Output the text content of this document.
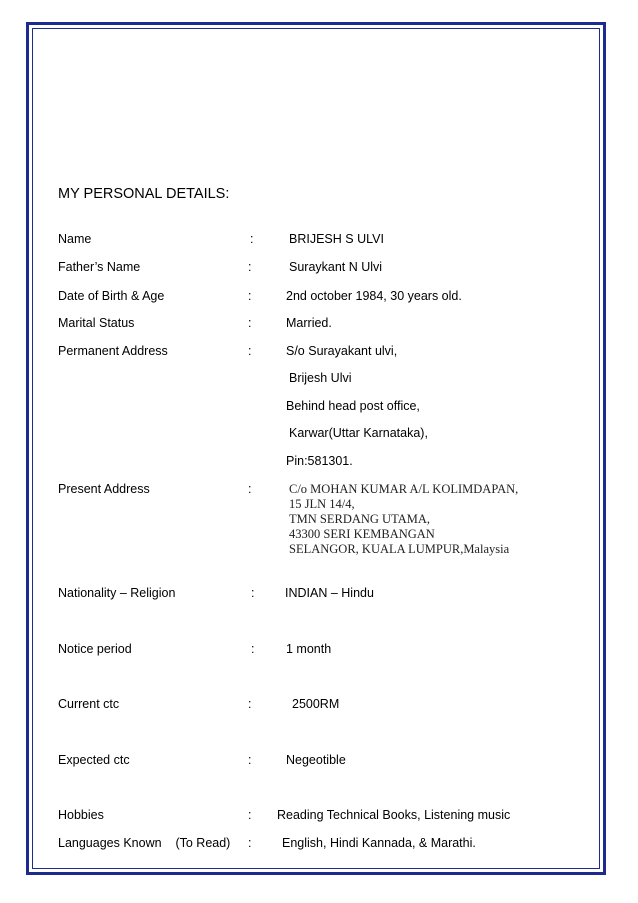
MY PERSONAL DETAILS:
Name	:	BRIJESH S ULVI
Father’s Name	:	Suraykant N Ulvi
Date of Birth & Age	:	2nd october 1984, 30 years old.
Marital Status	:	Married.
Permanent Address	:	S/o Surayakant ulvi,
Brijesh Ulvi
Behind head post office,
Karwar(Uttar Karnataka),
Pin:581301.
Present Address	:	C/o MOHAN KUMAR A/L KOLIMDAPAN,
15 JLN 14/4,
TMN SERDANG UTAMA,
43300 SERI KEMBANGAN
SELANGOR, KUALA LUMPUR,Malaysia
Nationality – Religion	: INDIAN – Hindu
Notice period	:	1 month
Current ctc	:	2500RM
Expected ctc	:	Negeotible
Hobbies	: Reading Technical Books, Listening music
Languages Known    (To Read) : English, Hindi Kannada, & Marathi.
